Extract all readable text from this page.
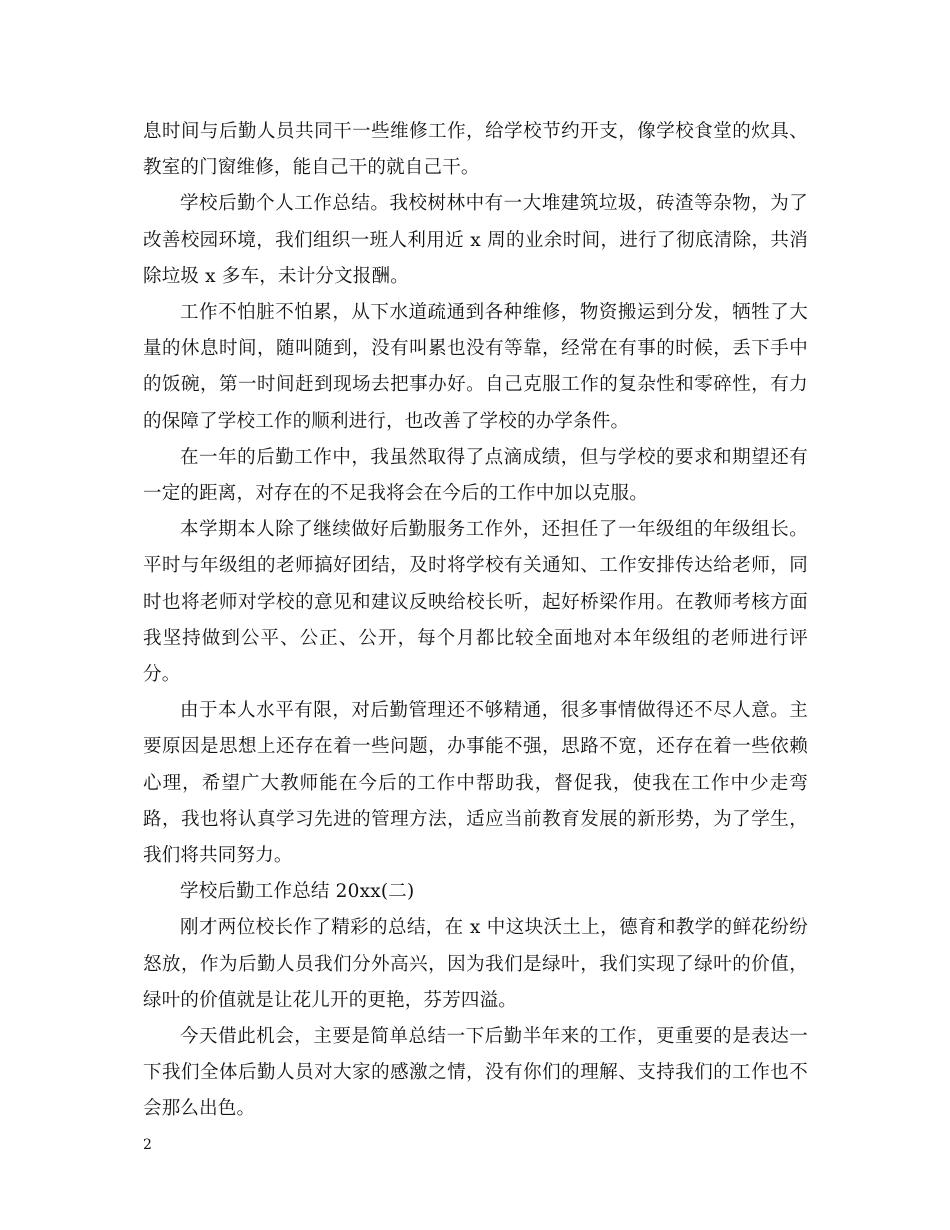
息时间与后勤人员共同干一些维修工作，给学校节约开支，像学校食堂的炊具、教室的门窗维修，能自己干的就自己干。

学校后勤个人工作总结。我校树林中有一大堆建筑垃圾，砖渣等杂物，为了改善校园环境，我们组织一班人利用近 x 周的业余时间，进行了彻底清除，共消除垃圾 x 多车，未计分文报酬。

工作不怕脏不怕累，从下水道疏通到各种维修，物资搬运到分发，牺牲了大量的休息时间，随叫随到，没有叫累也没有等靠，经常在有事的时候，丢下手中的饭碗，第一时间赶到现场去把事办好。自己克服工作的复杂性和零碎性，有力的保障了学校工作的顺利进行，也改善了学校的办学条件。

在一年的后勤工作中，我虽然取得了点滴成绩，但与学校的要求和期望还有一定的距离，对存在的不足我将会在今后的工作中加以克服。

本学期本人除了继续做好后勤服务工作外，还担任了一年级组的年级组长。平时与年级组的老师搞好团结，及时将学校有关通知、工作安排传达给老师，同时也将老师对学校的意见和建议反映给校长听，起好桥梁作用。在教师考核方面我坚持做到公平、公正、公开，每个月都比较全面地对本年级组的老师进行评分。

由于本人水平有限，对后勤管理还不够精通，很多事情做得还不尽人意。主要原因是思想上还存在着一些问题，办事能不强，思路不宽，还存在着一些依赖心理，希望广大教师能在今后的工作中帮助我，督促我，使我在工作中少走弯路，我也将认真学习先进的管理方法，适应当前教育发展的新形势，为了学生，我们将共同努力。

学校后勤工作总结 20xx(二)

刚才两位校长作了精彩的总结，在 x 中这块沃土上，德育和教学的鲜花纷纷怒放，作为后勤人员我们分外高兴，因为我们是绿叶，我们实现了绿叶的价值，绿叶的价值就是让花儿开的更艳，芬芳四溢。

今天借此机会，主要是简单总结一下后勤半年来的工作，更重要的是表达一下我们全体后勤人员对大家的感激之情，没有你们的理解、支持我们的工作也不会那么出色。

2
